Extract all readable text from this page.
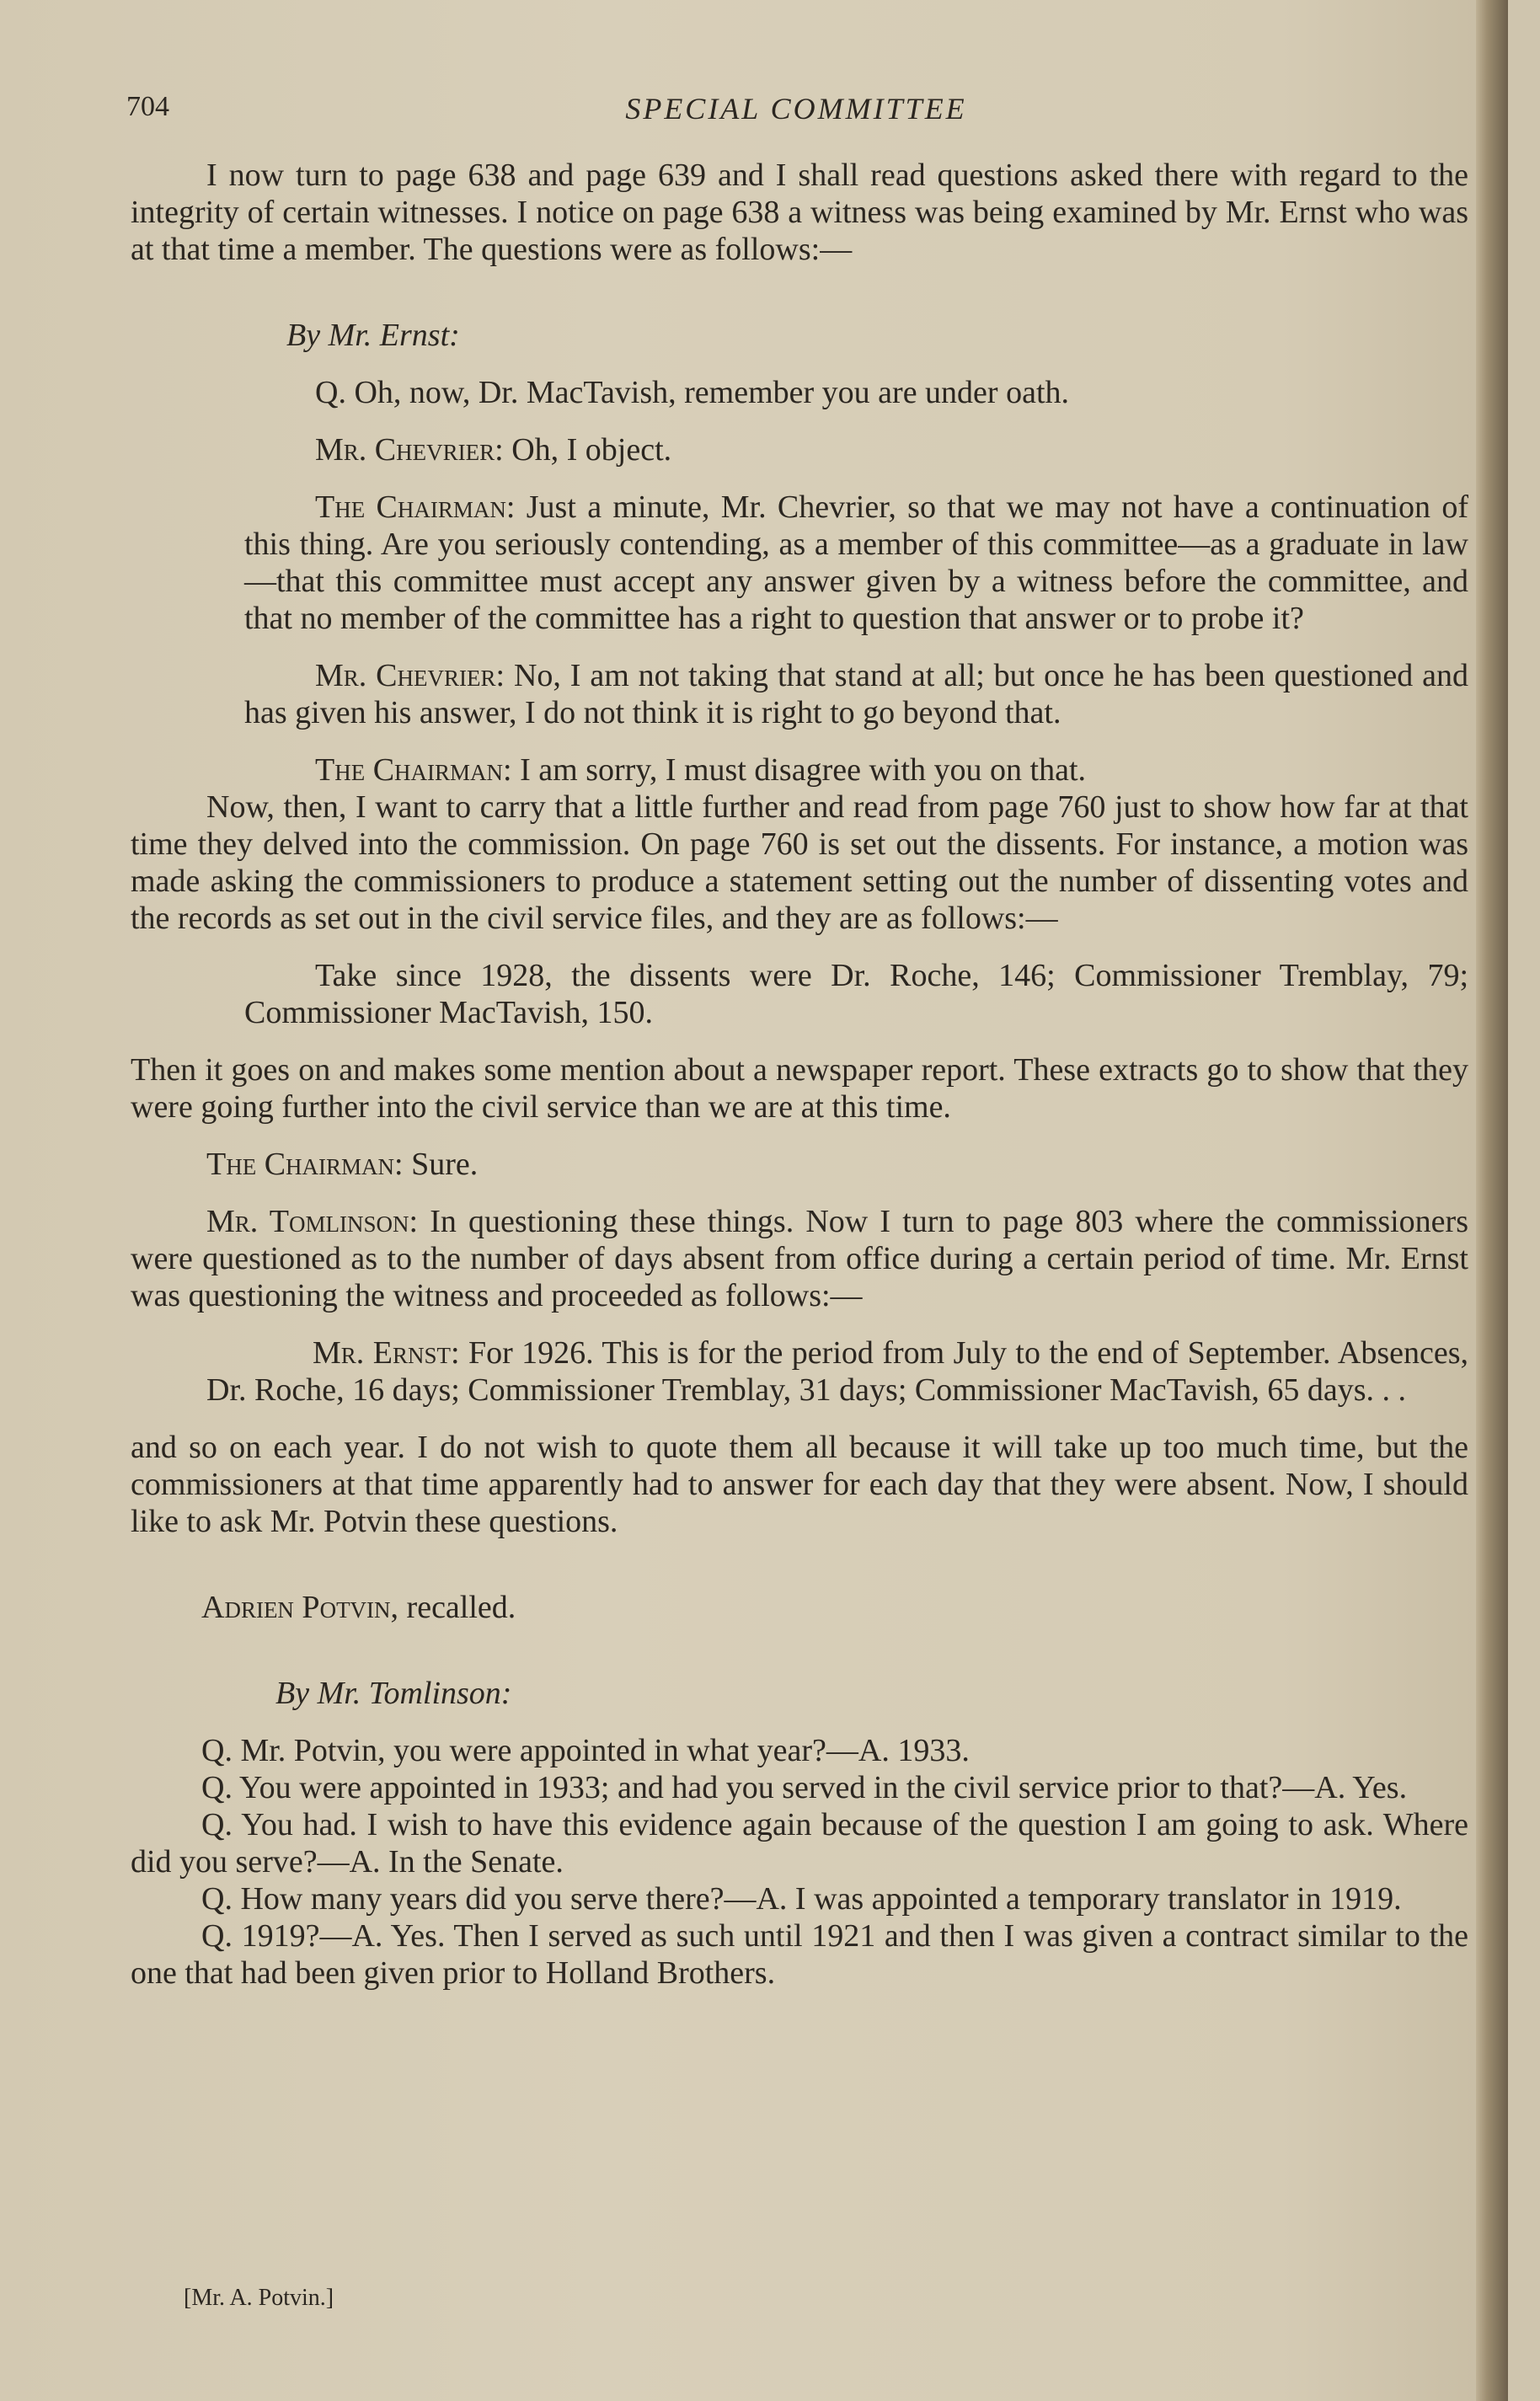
704	SPECIAL COMMITTEE

I now turn to page 638 and page 639 and I shall read questions asked there with regard to the integrity of certain witnesses. I notice on page 638 a witness was being examined by Mr. Ernst who was at that time a member. The questions were as follows:—

By Mr. Ernst:

Q. Oh, now, Dr. MacTavish, remember you are under oath.

Mr. Chevrier: Oh, I object.

The Chairman: Just a minute, Mr. Chevrier, so that we may not have a continuation of this thing. Are you seriously contending, as a member of this committee—as a graduate in law—that this committee must accept any answer given by a witness before the committee, and that no member of the committee has a right to question that answer or to probe it?

Mr. Chevrier: No, I am not taking that stand at all; but once he has been questioned and has given his answer, I do not think it is right to go beyond that.

The Chairman: I am sorry, I must disagree with you on that.

Now, then, I want to carry that a little further and read from page 760 just to show how far at that time they delved into the commission. On page 760 is set out the dissents. For instance, a motion was made asking the commissioners to produce a statement setting out the number of dissenting votes and the records as set out in the civil service files, and they are as follows:—

Take since 1928, the dissents were Dr. Roche, 146; Commissioner Tremblay, 79; Commissioner MacTavish, 150.

Then it goes on and makes some mention about a newspaper report. These extracts go to show that they were going further into the civil service than we are at this time.

The Chairman: Sure.

Mr. Tomlinson: In questioning these things. Now I turn to page 803 where the commissioners were questioned as to the number of days absent from office during a certain period of time. Mr. Ernst was questioning the witness and proceeded as follows:—

Mr. Ernst: For 1926. This is for the period from July to the end of September. Absences, Dr. Roche, 16 days; Commissioner Tremblay, 31 days; Commissioner MacTavish, 65 days. . .

and so on each year. I do not wish to quote them all because it will take up too much time, but the commissioners at that time apparently had to answer for each day that they were absent. Now, I should like to ask Mr. Potvin these questions.

Adrien Potvin, recalled.

By Mr. Tomlinson:

Q. Mr. Potvin, you were appointed in what year?—A. 1933.

Q. You were appointed in 1933; and had you served in the civil service prior to that?—A. Yes.

Q. You had. I wish to have this evidence again because of the question I am going to ask. Where did you serve?—A. In the Senate.

Q. How many years did you serve there?—A. I was appointed a temporary translator in 1919.

Q. 1919?—A. Yes. Then I served as such until 1921 and then I was given a contract similar to the one that had been given prior to Holland Brothers.

[Mr. A. Potvin.]
